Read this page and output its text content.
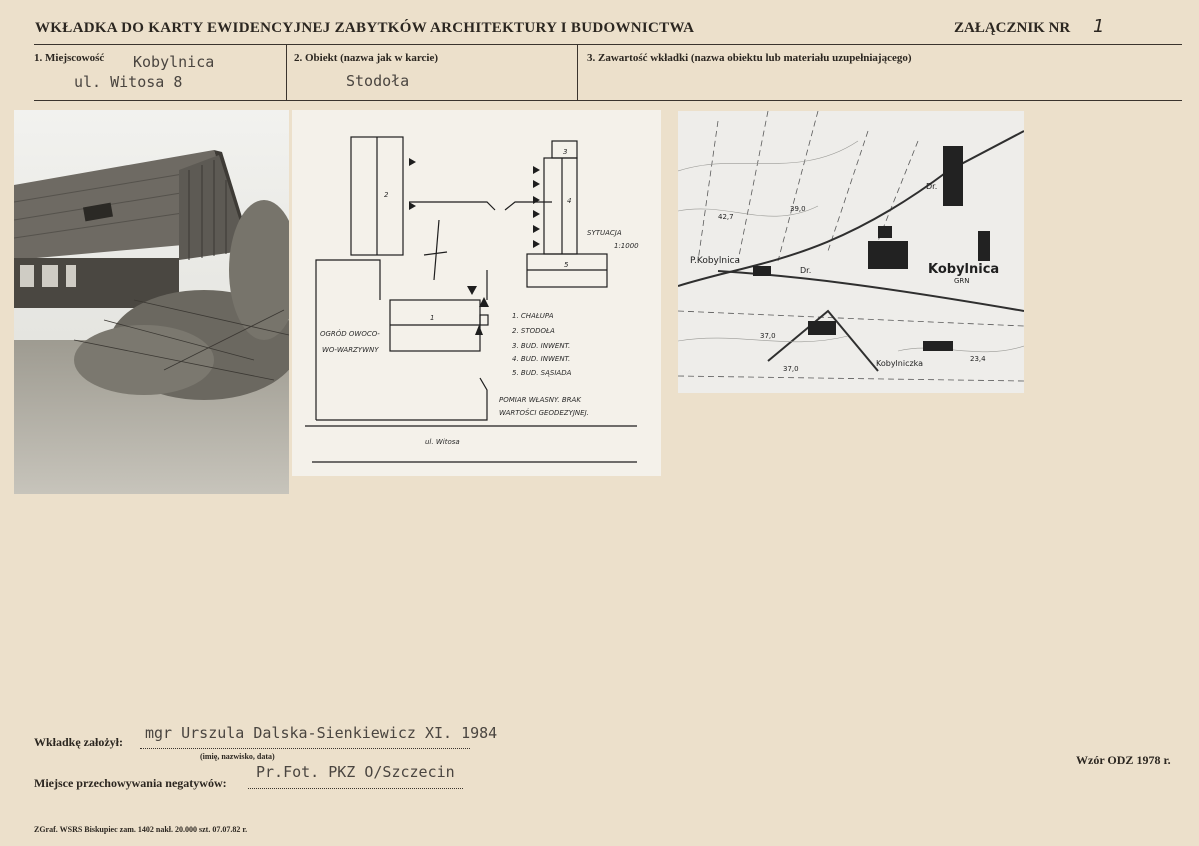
WKŁADKA DO KARTY EWIDENCYJNEJ ZABYTKÓW ARCHITEKTURY I BUDOWNICTWA	ZAŁĄCZNIK NR 1
1. Miejscowość Kobylnica
ul. Witosa 8
2. Obiekt (nazwa jak w karcie)
Stodoła
3. Zawartość wkładki (nazwa obiektu lub materiału uzupełniającego)
2
3
4
5
1
SYTUACJA
1:1000
1. CHAŁUPA
2. STODOŁA
3. BUD. INWENT.
4. BUD. INWENT.
5. BUD. SĄSIADA
OGRÓD OWOCO-
WO-WARZYWNY
POMIAR WŁASNY. BRAK
WARTOŚCI GEODEZYJNEJ.
ul. Witosa
Kobylnica
GRN
P.Kobylnica
Dr.
Dr.
Kobylniczka
42,7
39,0
37,0
23,4
37,0
Wkładkę założył: mgr Urszula Dalska-Sienkiewicz XI. 1984
(imię, nazwisko, data)
Miejsce przechowywania negatywów:
Pr.Fot. PKZ O/Szczecin
Wzór ODZ 1978 r.
ZGraf. WSRS Biskupiec zam. 1402 nakł. 20.000 szt. 07.07.82 r.
